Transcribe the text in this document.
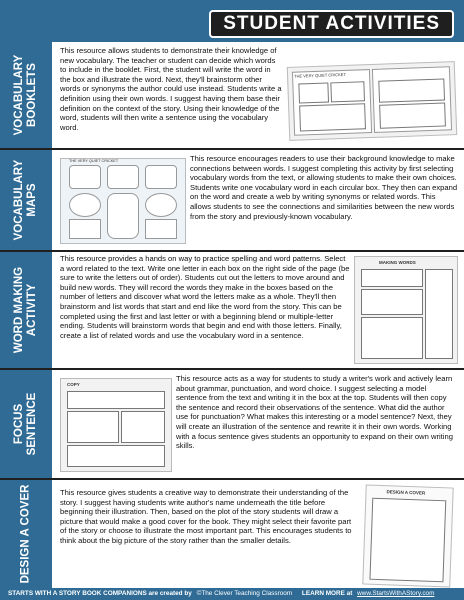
STUDENT ACTIVITIES
VOCABULARY BOOKLETS
This resource allows students to demonstrate their knowledge of new vocabulary. The teacher or student can decide which words to include in the booklet. First, the student will write the word in the box and illustrate the word. Next, they'll brainstorm other words or synonyms the author could use instead. Students write a definition using their own words. I suggest having them base their definition on the context of the story. Using their knowledge of the word, students will then write a sentence using the vocabulary word.
THE VERY QUIET CRICKET
VOCABULARY MAPS
THE VERY QUIET CRICKET	This resource encourages readers to use their background knowledge to make connections between words. I suggest completing this activity by first selecting vocabulary words from the text, or allowing students to make their own choices. Students write one vocabulary word in each circular box. They then can expand on the word and create a web by writing synonyms or related words. This allows students to see the connections and similarities between the new words from the story and previously-known vocabulary.
WORD MAKING ACTIVITY
This resource provides a hands on way to practice spelling and word patterns. Select a word related to the text. Write one letter in each box on the right side of the page (be sure to write the letters out of order). Students cut out the letters to move around and build new words. They will record the words they make in the boxes based on the number of letters and discover what word the letters make as a whole. They'll then brainstorm and list words that start and end like the word from the story. This can be completed using the first and last letter or with a beginning blend or multiple-letter ending. Students will brainstorm words that begin and end with those letters. Finally, create a list of related words and use the vocabulary word in a sentence.
MAKING WORDS
FOCUS SENTENCE
COPY
This resource acts as a way for students to study a writer's work and actively learn about grammar, punctuation, and word choice. I suggest selecting a model sentence from the text and writing it in the box at the top. Students will then copy the sentence and record their observations of the sentence. What did the author use for punctuation? What makes this interesting or a model sentence? Next, they will create an illustration of the sentence and rewrite it in their own words. Working with a focus sentence gives students an opportunity to expand on their own writing skills.
DESIGN A COVER	This resource gives students a creative way to demonstrate their understanding of the story. I suggest having students write author's name underneath the title before beginning their illustration. Then, based on the plot of the story students will draw a picture that would make a good cover for the book. They might select their favorite part of the story or choose to illustrate the most important part. This encourages students to think about the big picture of the story rather than the smaller details.
DESIGN A COVER
STARTS WITH A STORY BOOK COMPANIONS are created by ©The Clever Teaching Classroom LEARN MORE at www.StartsWithAStory.com
